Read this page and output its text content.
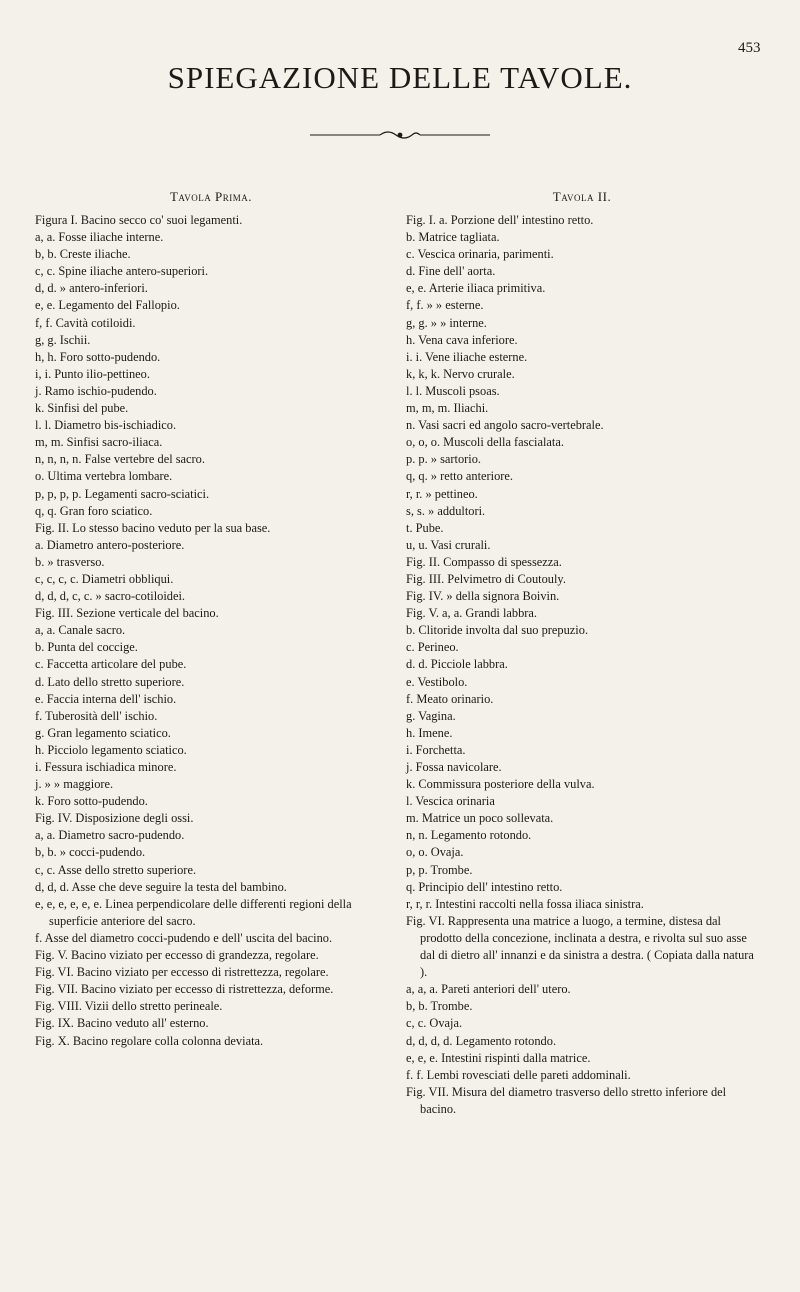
453
SPIEGAZIONE DELLE TAVOLE.
Tavola Prima.	Tavola II.

Figura I. Bacino secco co' suoi legamenti.

a, a. Fosse iliache interne.

b, b. Creste iliache.

c, c. Spine iliache antero-superiori.

d, d. » antero-inferiori.

e, e. Legamento del Fallopio.

f, f. Cavità cotiloidi.

g, g. Ischii.

h, h. Foro sotto-pudendo.

i, i. Punto ilio-pettineo.

j. Ramo ischio-pudendo.

k. Sinfisi del pube.

l. l. Diametro bis-ischiadico.

m, m. Sinfisi sacro-iliaca.

n, n, n, n. False vertebre del sacro.

o. Ultima vertebra lombare.

p, p, p, p. Legamenti sacro-sciatici.

q, q. Gran foro sciatico.

Fig. II. Lo stesso bacino veduto per la sua base.

a. Diametro antero-posteriore.

b. » trasverso.

c, c, c, c. Diametri obbliqui.

d, d, d, c, c. » sacro-cotiloidei.

Fig. III. Sezione verticale del bacino.

a, a. Canale sacro.

b. Punta del coccige.

c. Faccetta articolare del pube.

d. Lato dello stretto superiore.

e. Faccia interna dell' ischio.

f. Tuberosità dell' ischio.

g. Gran legamento sciatico.

h. Picciolo legamento sciatico.

i. Fessura ischiadica minore.

j. » » maggiore.

k. Foro sotto-pudendo.

Fig. IV. Disposizione degli ossi.

a, a. Diametro sacro-pudendo.

b, b. » cocci-pudendo.

c, c. Asse dello stretto superiore.

d, d, d. Asse che deve seguire la testa del bambino.

e, e, e, e, e, e. Linea perpendicolare delle differenti regioni della superficie anteriore del sacro.

f. Asse del diametro cocci-pudendo e dell' uscita del bacino.

Fig. V. Bacino viziato per eccesso di grandezza, regolare.

Fig. VI. Bacino viziato per eccesso di ristrettezza, regolare.

Fig. VII. Bacino viziato per eccesso di ristrettezza, deforme.

Fig. VIII. Vizii dello stretto perineale.

Fig. IX. Bacino veduto all' esterno.

Fig. X. Bacino regolare colla colonna deviata.

Fig. I. a. Porzione dell' intestino retto.

b. Matrice tagliata.

c. Vescica orinaria, parimenti.

d. Fine dell' aorta.

e, e. Arterie iliaca primitiva.

f, f. » » esterne.

g, g. » » interne.

h. Vena cava inferiore.

i. i. Vene iliache esterne.

k, k, k. Nervo crurale.

l. l. Muscoli psoas.

m, m, m. Iliachi.

n. Vasi sacri ed angolo sacro-vertebrale.

o, o, o. Muscoli della fascialata.

p. p. » sartorio.

q, q. » retto anteriore.

r, r. » pettineo.

s, s. » addultori.

t. Pube.

u, u. Vasi crurali.

Fig. II. Compasso di spessezza.

Fig. III. Pelvimetro di Coutouly.

Fig. IV. » della signora Boivin.

Fig. V. a, a. Grandi labbra.

b. Clitoride involta dal suo prepuzio.

c. Perineo.

d. d. Picciole labbra.

e. Vestibolo.

f. Meato orinario.

g. Vagina.

h. Imene.

i. Forchetta.

j. Fossa navicolare.

k. Commissura posteriore della vulva.

l. Vescica orinaria

m. Matrice un poco sollevata.

n, n. Legamento rotondo.

o, o. Ovaja.

p, p. Trombe.

q. Principio dell' intestino retto.

r, r, r. Intestini raccolti nella fossa iliaca sinistra.

Fig. VI. Rappresenta una matrice a luogo, a termine, distesa dal prodotto della concezione, inclinata a destra, e rivolta sul suo asse dal di dietro all' innanzi e da sinistra a destra. ( Copiata dalla natura ).

a, a, a. Pareti anteriori dell' utero.

b, b. Trombe.

c, c. Ovaja.

d, d, d, d. Legamento rotondo.

e, e, e. Intestini rispinti dalla matrice.

f. f. Lembi rovesciati delle pareti addominali.

Fig. VII. Misura del diametro trasverso dello stretto inferiore del bacino.
